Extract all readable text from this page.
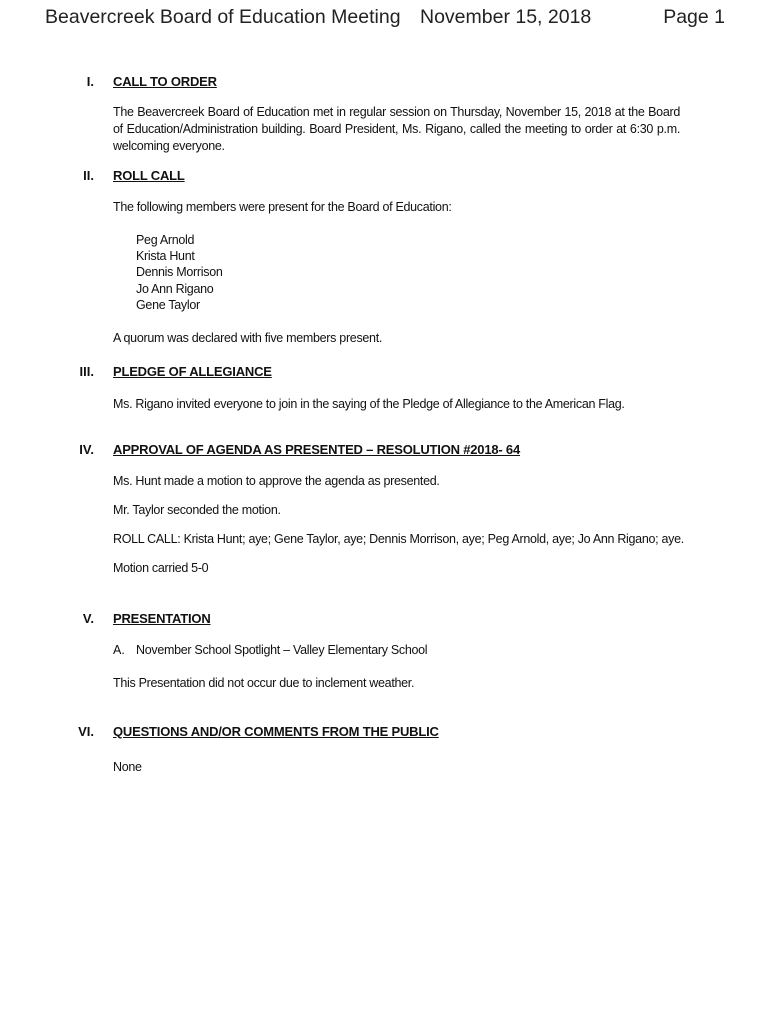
Beavercreek Board of Education Meeting November 15, 2018	Page 1
I. CALL TO ORDER
The Beavercreek Board of Education met in regular session on Thursday, November 15, 2018 at the Board of Education/Administration building. Board President, Ms. Rigano, called the meeting to order at 6:30 p.m. welcoming everyone.
II. ROLL CALL
The following members were present for the Board of Education:
Peg Arnold
Krista Hunt
Dennis Morrison
Jo Ann Rigano
Gene Taylor
A quorum was declared with five members present.
III. PLEDGE OF ALLEGIANCE
Ms. Rigano invited everyone to join in the saying of the Pledge of Allegiance to the American Flag.
IV. APPROVAL OF AGENDA AS PRESENTED – RESOLUTION #2018- 64
Ms. Hunt made a motion to approve the agenda as presented.
Mr. Taylor seconded the motion.
ROLL CALL: Krista Hunt; aye; Gene Taylor, aye; Dennis Morrison, aye; Peg Arnold, aye; Jo Ann Rigano; aye.
Motion carried 5-0
V. PRESENTATION
A. November School Spotlight – Valley Elementary School
This Presentation did not occur due to inclement weather.
VI. QUESTIONS AND/OR COMMENTS FROM THE PUBLIC
None
